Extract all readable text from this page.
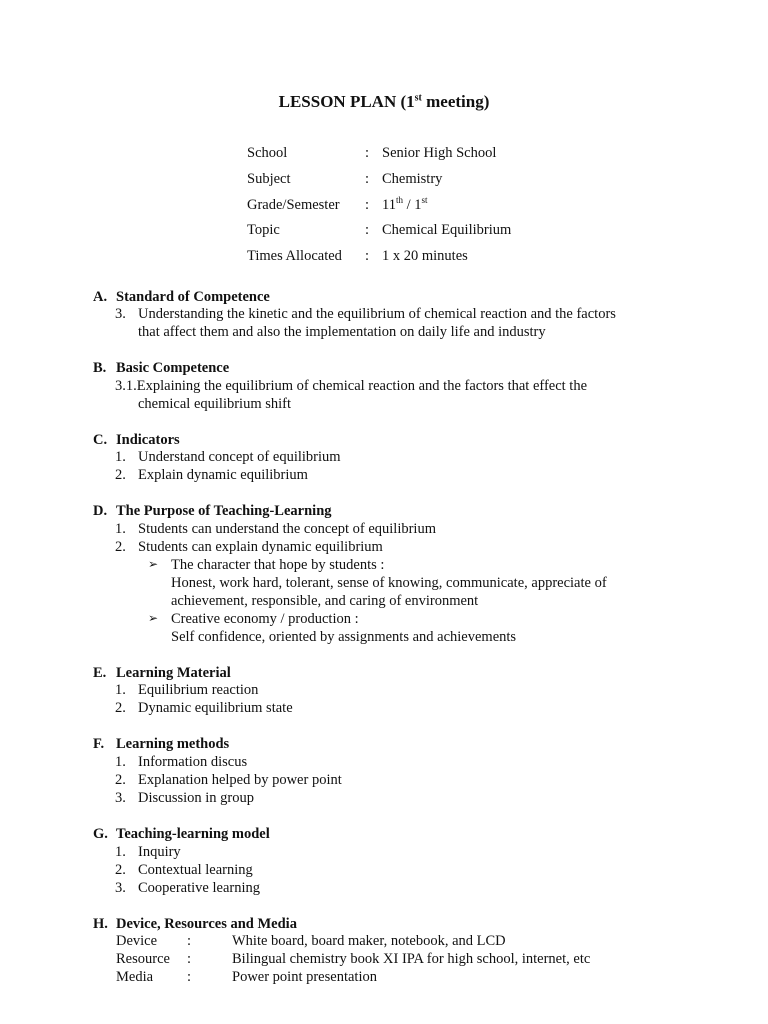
LESSON PLAN (1st meeting)
School	: Senior High School
Subject	: Chemistry
Grade/Semester	: 11th / 1st
Topic	: Chemical Equilibrium
Times Allocated	: 1 x 20 minutes
A. Standard of Competence
3. Understanding the kinetic and the equilibrium of chemical reaction and the factors
that affect them and also the implementation on daily life and industry
B. Basic Competence
3.1.Explaining the equilibrium of chemical reaction and the factors that effect the
chemical equilibrium shift
C. Indicators
1. Understand concept of equilibrium
2. Explain dynamic equilibrium
D. The Purpose of Teaching-Learning
1. Students can understand the concept of equilibrium
2. Students can explain dynamic equilibrium
➢ The character that hope by students :
Honest, work hard, tolerant, sense of knowing, communicate, appreciate of
achievement, responsible, and caring of environment
➢ Creative economy / production :
Self confidence, oriented by assignments and achievements
E. Learning Material
1. Equilibrium reaction
2. Dynamic equilibrium state
F. Learning methods
1. Information discus
2. Explanation helped by power point
3. Discussion in group
G. Teaching-learning model
1. Inquiry
2. Contextual learning
3. Cooperative learning
H. Device, Resources and Media
Device	:	White board, board maker, notebook, and LCD
Resource	:	Bilingual chemistry book XI IPA for high school, internet, etc
Media	:	Power point presentation
